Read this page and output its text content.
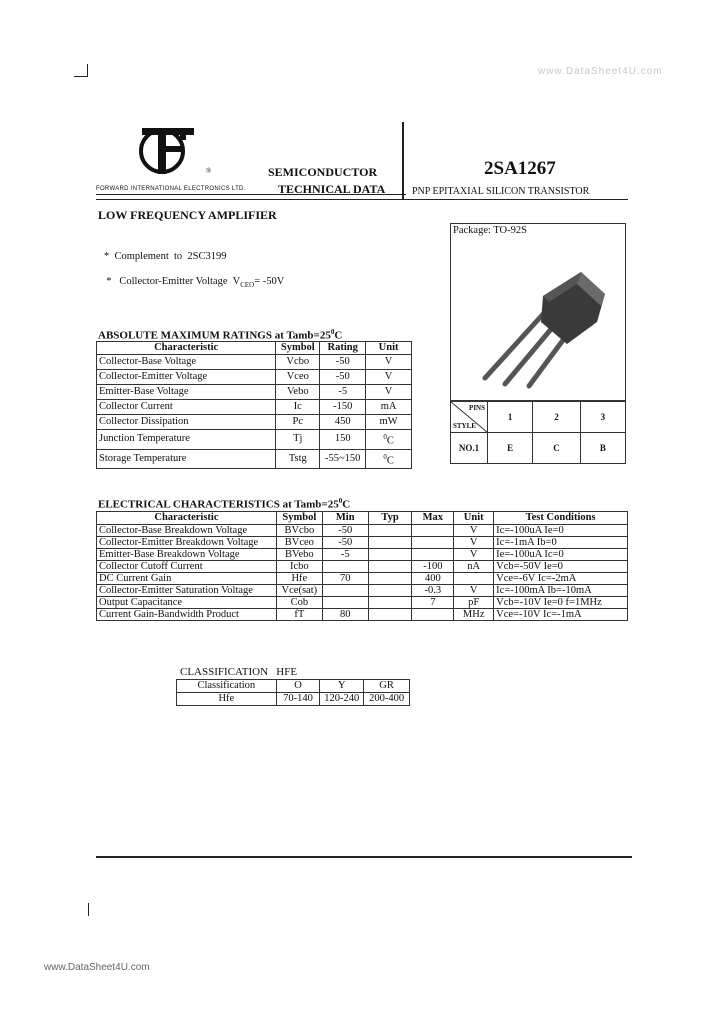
www.DataSheet4U.com
®
FORWARD INTERNATIONAL ELECTRONICS LTD.
SEMICONDUCTOR
TECHNICAL DATA
2SA1267
PNP EPITAXIAL SILICON TRANSISTOR
LOW FREQUENCY AMPLIFIER
*  Complement  to  2SC3199

*   Collector-Emitter Voltage  $V_{CEO}= -50V$

Package: TO-92S
PINS
STYLE	1	2	3
NO.1	E	C	B
ABSOLUTE MAXIMUM RATINGS at $Tamb=25^0C$
Characteristic	Symbol	Rating	Unit
Collector-Base Voltage	Vcbo	-50	V
Collector-Emitter Voltage	Vceo	-50	V
Emitter-Base Voltage	Vebo	-5	V
Collector Current	Ic	-150	mA
Collector Dissipation	Pc	450	mW
Junction Temperature	Tj	150	$^0$C
Storage Temperature	Tstg	-55~150	$^0$C
ELECTRICAL CHARACTERISTICS at $Tamb=25^0C$
Characteristic	Symbol	Min	Typ	Max	Unit	Test Conditions
Collector-Base Breakdown Voltage	BVcbo	-50			V	Ic=-100uA Ie=0
Collector-Emitter Breakdown Voltage	BVceo	-50			V	Ic=-1mA Ib=0
Emitter-Base Breakdown Voltage	BVebo	-5			V	Ie=-100uA Ic=0
Collector Cutoff Current	Icbo			-100	nA	Vcb=-50V Ie=0
DC Current Gain	Hfe	70		400		Vce=-6V Ic=-2mA
Collector-Emitter Saturation Voltage	Vce(sat)			-0.3	V	Ic=-100mA Ib=-10mA
Output Capacitance	Cob			7	pF	Vcb=-10V Ie=0 f=1MHz
Current Gain-Bandwidth Product	fT	80			MHz	Vce=-10V Ic=-1mA
CLASSIFICATION   HFE
Classification	O	Y	GR
Hfe	70-140	120-240	200-400
www.DataSheet4U.com
